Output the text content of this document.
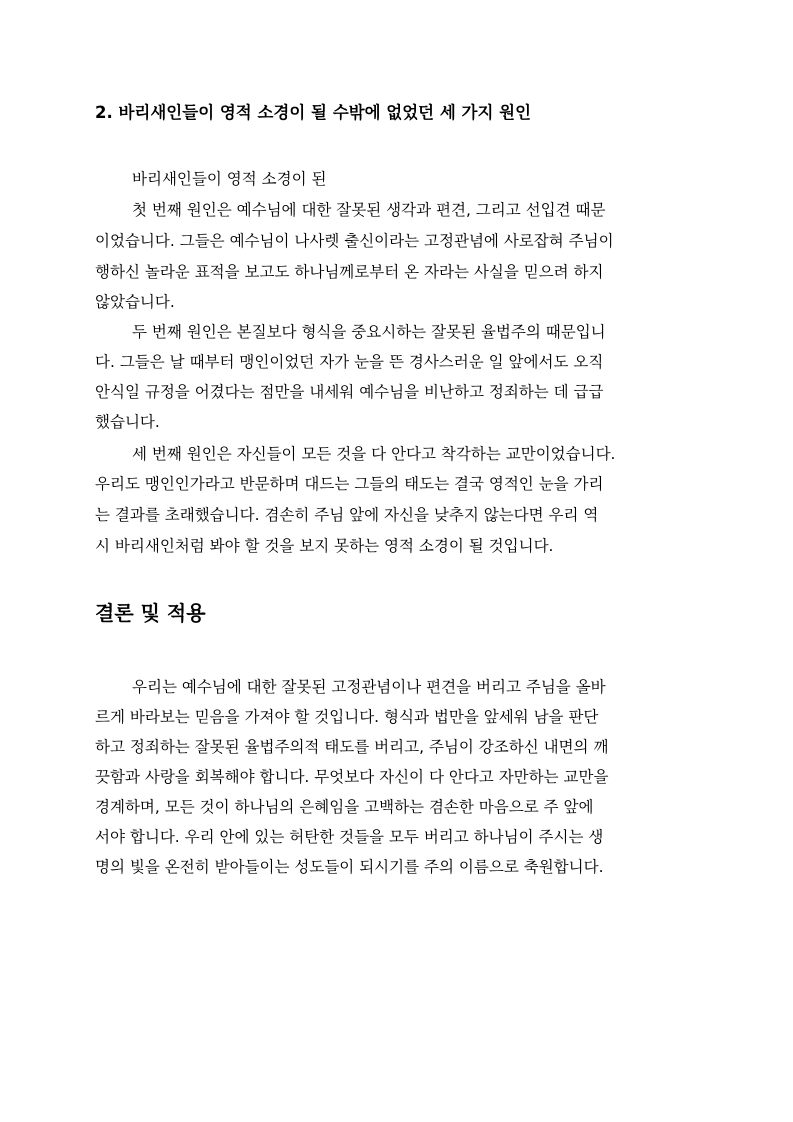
2. 바리새인들이 영적 소경이 될 수밖에 없었던 세 가지 원인
바리새인들이 영적 소경이 된
첫 번째 원인은 예수님에 대한 잘못된 생각과 편견, 그리고 선입견 때문
이었습니다. 그들은 예수님이 나사렛 출신이라는 고정관념에 사로잡혀 주님이
행하신 놀라운 표적을 보고도 하나님께로부터 온 자라는 사실을 믿으려 하지
않았습니다.
두 번째 원인은 본질보다 형식을 중요시하는 잘못된 율법주의 때문입니
다. 그들은 날 때부터 맹인이었던 자가 눈을 뜬 경사스러운 일 앞에서도 오직
안식일 규정을 어겼다는 점만을 내세워 예수님을 비난하고 정죄하는 데 급급
했습니다.
세 번째 원인은 자신들이 모든 것을 다 안다고 착각하는 교만이었습니다.
우리도 맹인인가라고 반문하며 대드는 그들의 태도는 결국 영적인 눈을 가리
는 결과를 초래했습니다. 겸손히 주님 앞에 자신을 낮추지 않는다면 우리 역
시 바리새인처럼 봐야 할 것을 보지 못하는 영적 소경이 될 것입니다.
결론 및 적용
우리는 예수님에 대한 잘못된 고정관념이나 편견을 버리고 주님을 올바
르게 바라보는 믿음을 가져야 할 것입니다. 형식과 법만을 앞세워 남을 판단
하고 정죄하는 잘못된 율법주의적 태도를 버리고, 주님이 강조하신 내면의 깨
끗함과 사랑을 회복해야 합니다. 무엇보다 자신이 다 안다고 자만하는 교만을
경계하며, 모든 것이 하나님의 은혜임을 고백하는 겸손한 마음으로 주 앞에
서야 합니다. 우리 안에 있는 허탄한 것들을 모두 버리고 하나님이 주시는 생
명의 빛을 온전히 받아들이는 성도들이 되시기를 주의 이름으로 축원합니다.
